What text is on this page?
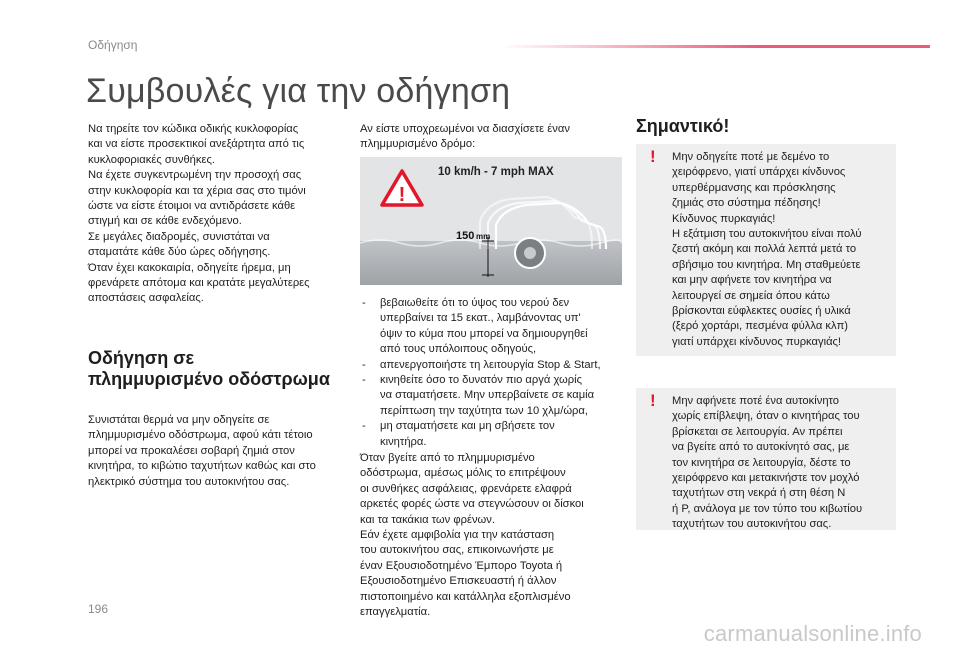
Οδήγηση
Συμβουλές για την οδήγηση

Να τηρείτε τον κώδικα οδικής κυκλοφορίας
και να είστε προσεκτικοί ανεξάρτητα από τις
κυκλοφοριακές συνθήκες.
Να έχετε συγκεντρωμένη την προσοχή σας
στην κυκλοφορία και τα χέρια σας στο τιμόνι
ώστε να είστε έτοιμοι να αντιδράσετε κάθε
στιγμή και σε κάθε ενδεχόμενο.
Σε μεγάλες διαδρομές, συνιστάται να
σταματάτε κάθε δύο ώρες οδήγησης.
Όταν έχει κακοκαιρία, οδηγείτε ήρεμα, μη
φρενάρετε απότομα και κρατάτε μεγαλύτερες
αποστάσεις ασφαλείας.

Οδήγηση σε
πλημμυρισμένο οδόστρωμα

Συνιστάται θερμά να μην οδηγείτε σε
πλημμυρισμένο οδόστρωμα, αφού κάτι τέτοιο
μπορεί να προκαλέσει σοβαρή ζημιά στον
κινητήρα, το κιβώτιο ταχυτήτων καθώς και στο
ηλεκτρικό σύστημα του αυτοκινήτου σας.

Αν είστε υποχρεωμένοι να διασχίσετε έναν
πλημμυρισμένο δρόμο:

150 mm
10 km/h - 7 mph MAX
!
- βεβαιωθείτε ότι το ύψος του νερού δεν
υπερβαίνει τα 15 εκατ., λαμβάνοντας υπ'
όψιν το κύμα που μπορεί να δημιουργηθεί
από τους υπόλοιπους οδηγούς,
- απενεργοποιήστε τη λειτουργία Stop & Start,
- κινηθείτε όσο το δυνατόν πιο αργά χωρίς
να σταματήσετε. Μην υπερβαίνετε σε καμία
περίπτωση την ταχύτητα των 10 χλμ/ώρα,
- μη σταματήσετε και μη σβήσετε τον
κινητήρα.

Όταν βγείτε από το πλημμυρισμένο
οδόστρωμα, αμέσως μόλις το επιτρέψουν
οι συνθήκες ασφάλειας, φρενάρετε ελαφρά
αρκετές φορές ώστε να στεγνώσουν οι δίσκοι
και τα τακάκια των φρένων.
Εάν έχετε αμφιβολία για την κατάσταση
του αυτοκινήτου σας, επικοινωνήστε με
έναν Εξουσιοδοτημένο Έμπορο Toyota ή
Εξουσιοδοτημένο Επισκευαστή ή άλλον
πιστοποιημένο και κατάλληλα εξοπλισμένο
επαγγελματία.

Σημαντικό!
! Μην οδηγείτε ποτέ με δεμένο το
χειρόφρενο, γιατί υπάρχει κίνδυνος
υπερθέρμανσης και πρόσκλησης
ζημιάς στο σύστημα πέδησης!
Κίνδυνος πυρκαγιάς!
Η εξάτμιση του αυτοκινήτου είναι πολύ
ζεστή ακόμη και πολλά λεπτά μετά το
σβήσιμο του κινητήρα. Μη σταθμεύετε
και μην αφήνετε τον κινητήρα να
λειτουργεί σε σημεία όπου κάτω
βρίσκονται εύφλεκτες ουσίες ή υλικά
(ξερό χορτάρι, πεσμένα φύλλα κλπ)
γιατί υπάρχει κίνδυνος πυρκαγιάς!

! Μην αφήνετε ποτέ ένα αυτοκίνητο
χωρίς επίβλεψη, όταν ο κινητήρας του
βρίσκεται σε λειτουργία. Αν πρέπει
να βγείτε από το αυτοκίνητό σας, με
τον κινητήρα σε λειτουργία, δέστε το
χειρόφρενο και μετακινήστε τον μοχλό
ταχυτήτων στη νεκρά ή στη θέση N
ή P, ανάλογα με τον τύπο του κιβωτίου
ταχυτήτων του αυτοκινήτου σας.

196
carmanualsonline.info
